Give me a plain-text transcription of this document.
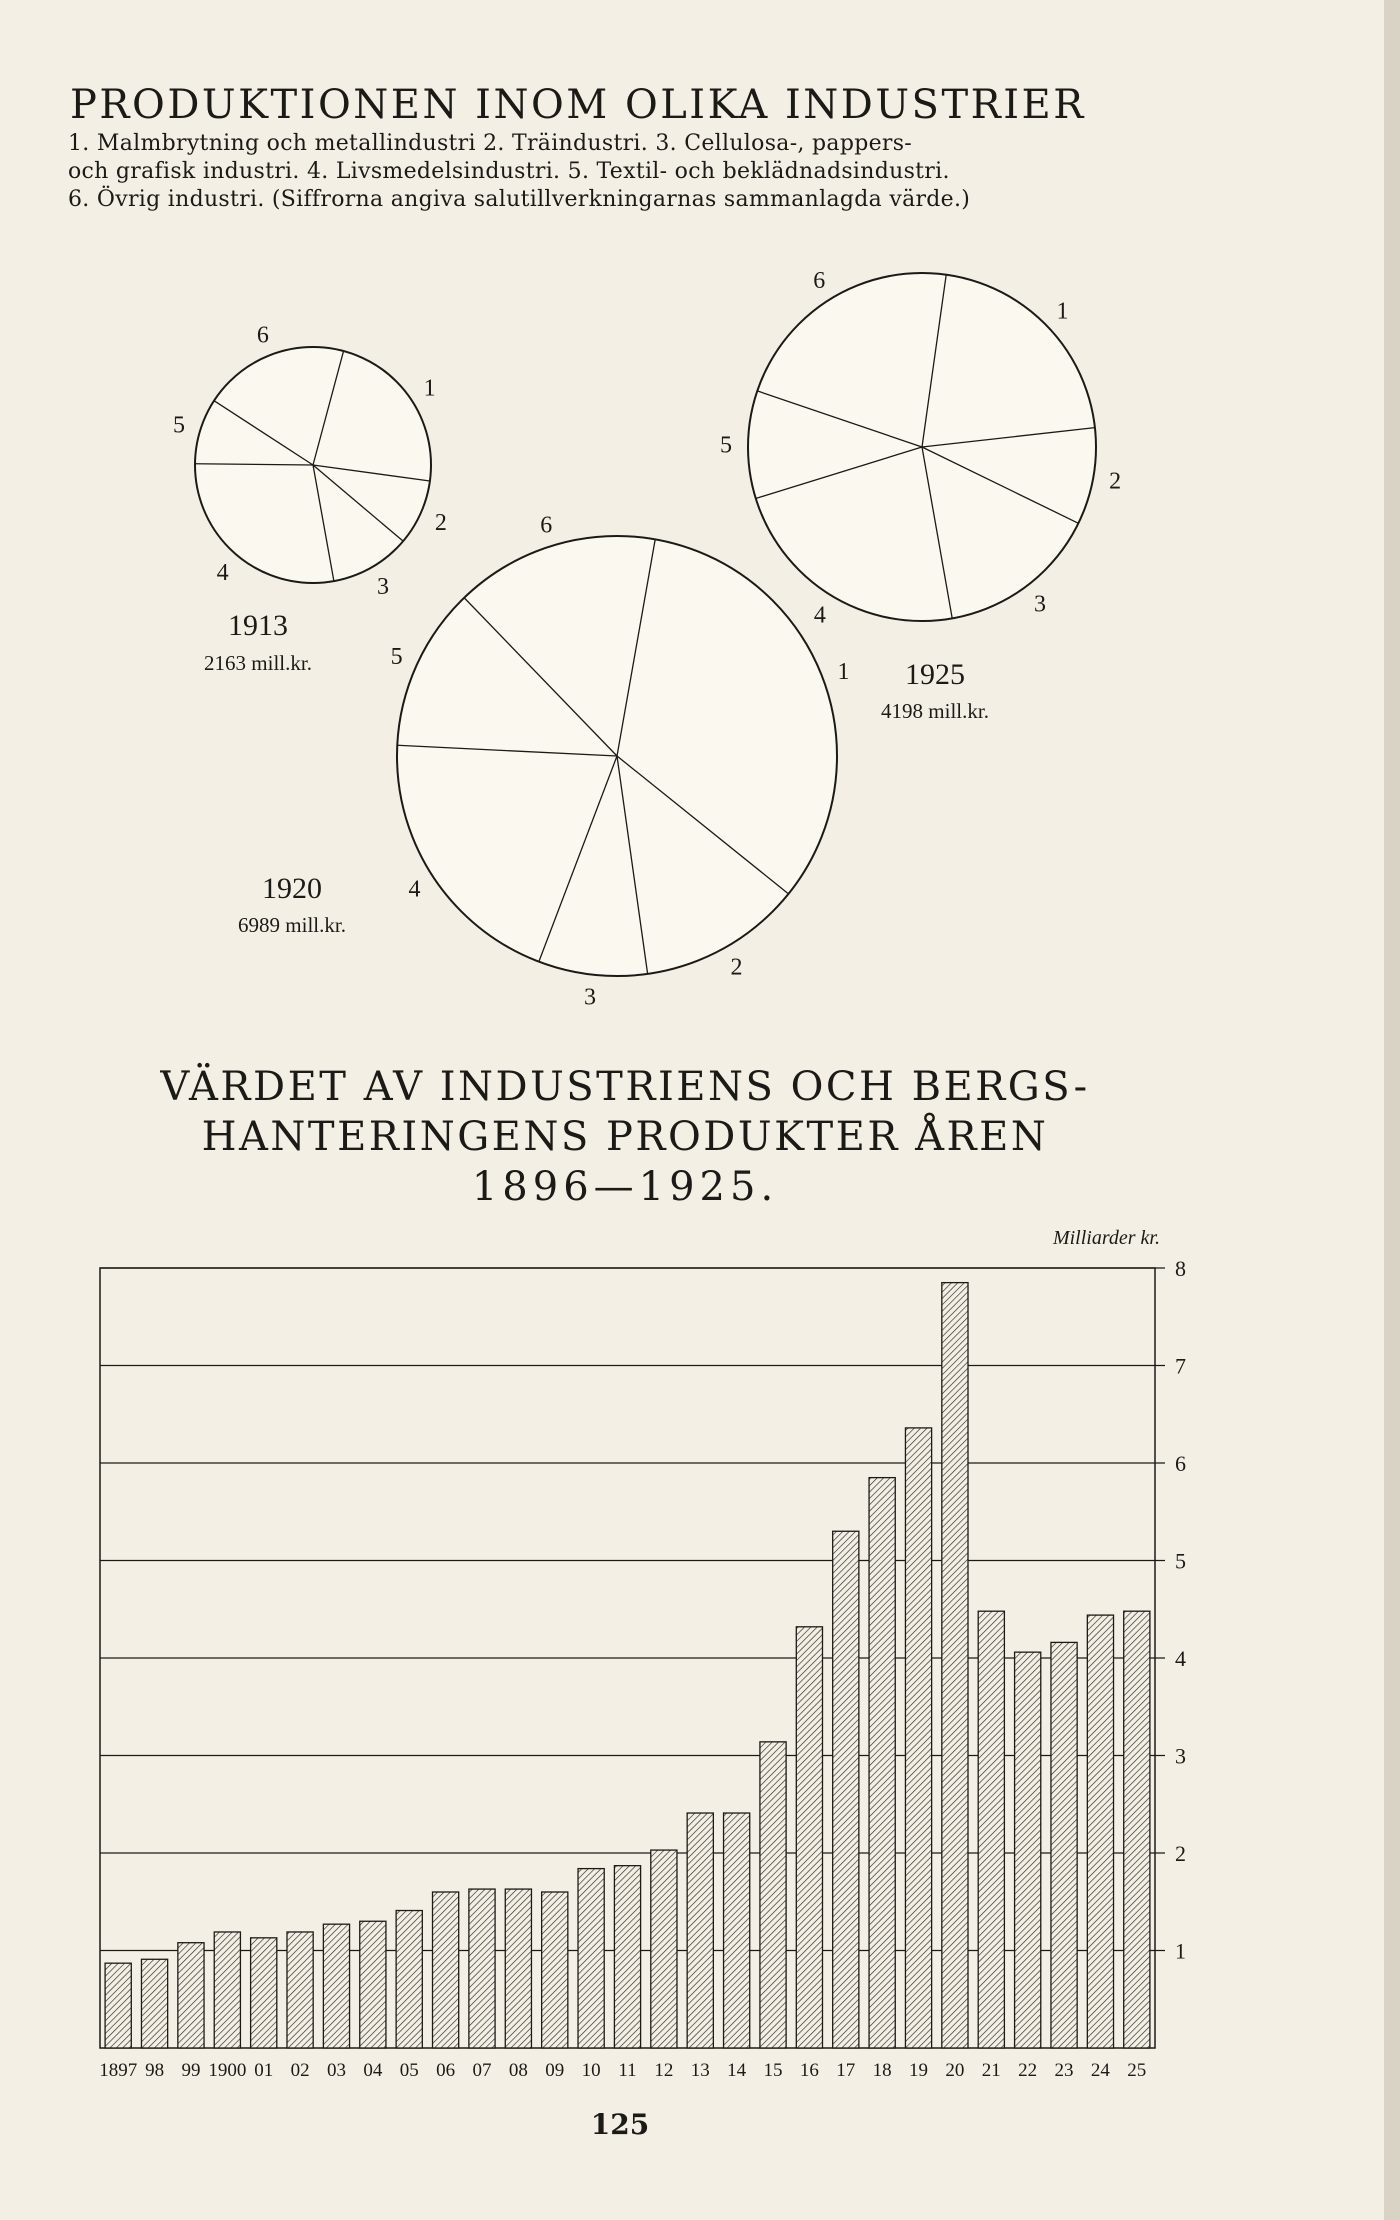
PRODUKTIONEN INOM OLIKA INDUSTRIER
1. Malmbrytning och metallindustri 2. Träindustri. 3. Cellulosa-, pappers-
och grafisk industri. 4. Livsmedelsindustri. 5. Textil- och beklädnadsindustri.
6. Övrig industri. (Siffrorna angiva salutillverkningarnas sammanlagda värde.)
1
2
3
4
5
6
1
2
3
4
5
6
1
2
3
4
5
6
1913
2163 mill.kr.
1920
6989 mill.kr.
1925
4198 mill.kr.
VÄRDET AV INDUSTRIENS OCH BERGS-
HANTERINGENS PRODUKTER ÅREN
1896—1925.
1
2
3
4
5
6
7
8
1897 98 99 1900 01 02 03 04 05 06 07 08 09 10 11 12 13 14 15 16 17 18 19 20 21 22 23 24 25
Milliarder kr.
125
